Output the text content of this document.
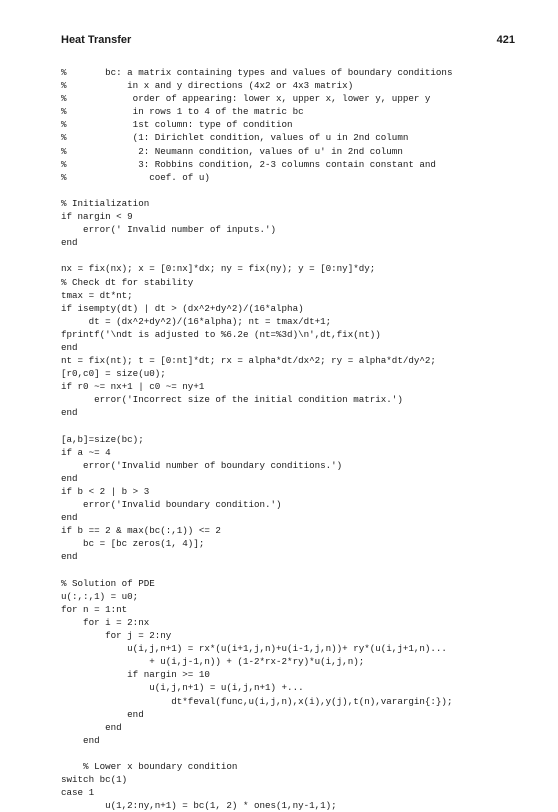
Heat Transfer	421
%       bc: a matrix containing types and values of boundary conditions
%           in x and y directions (4x2 or 4x3 matrix)
%            order of appearing: lower x, upper x, lower y, upper y
%            in rows 1 to 4 of the matric bc
%            1st column: type of condition
%            (1: Dirichlet condition, values of u in 2nd column
%             2: Neumann condition, values of u' in 2nd column
%             3: Robbins condition, 2-3 columns contain constant and
%               coef. of u)
% Initialization
if nargin < 9
error(' Invalid number of inputs.')
end
nx = fix(nx); x = [0:nx]*dx; ny = fix(ny); y = [0:ny]*dy;
% Check dt for stability
tmax = dt*nt;
if isempty(dt) | dt > (dx^2+dy^2)/(16*alpha)
dt = (dx^2+dy^2)/(16*alpha); nt = tmax/dt+1;
fprintf('\ndt is adjusted to %6.2e (nt=%3d)\n',dt,fix(nt))
end
nt = fix(nt); t = [0:nt]*dt; rx = alpha*dt/dx^2; ry = alpha*dt/dy^2;
[r0,c0] = size(u0);
if r0 ~= nx+1 | c0 ~= ny+1
error('Incorrect size of the initial condition matrix.')
end
[a,b]=size(bc);
if a ~= 4
error('Invalid number of boundary conditions.')
end
if b < 2 | b > 3
error('Invalid boundary condition.')
end
if b == 2 & max(bc(:,1)) <= 2
bc = [bc zeros(1, 4)];
end
% Solution of PDE
u(:,:,1) = u0;
for n = 1:nt
for i = 2:nx
for j = 2:ny
u(i,j,n+1) = rx*(u(i+1,j,n)+u(i-1,j,n))+ ry*(u(i,j+1,n)...
+ u(i,j-1,n)) + (1-2*rx-2*ry)*u(i,j,n);
if nargin >= 10
u(i,j,n+1) = u(i,j,n+1) +...
dt*feval(func,u(i,j,n),x(i),y(j),t(n),varargin{:});
end
end
end
% Lower x boundary condition
switch bc(1)
case 1
u(1,2:ny,n+1) = bc(1, 2) * ones(1,ny-1,1);
